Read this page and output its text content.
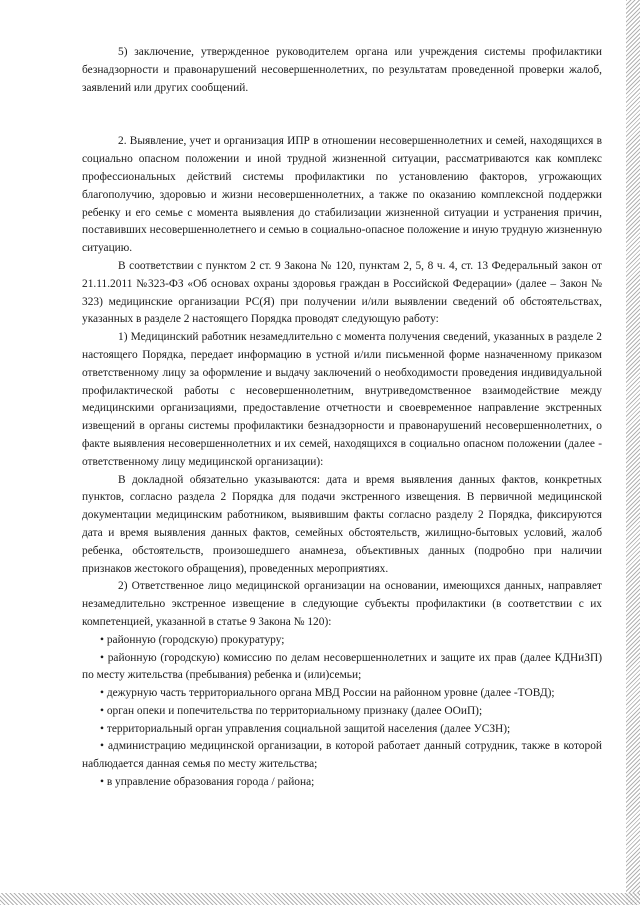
5) заключение, утвержденное руководителем органа или учреждения системы профилактики безнадзорности и правонарушений несовершеннолетних, по результатам проведенной проверки жалоб, заявлений или других сообщений.

2. Выявление, учет и организация ИПР в отношении несовершеннолетних и семей, находящихся в социально опасном положении и иной трудной жизненной ситуации, рассматриваются как комплекс профессиональных действий системы профилактики по установлению факторов, угрожающих благополучию, здоровью и жизни несовершеннолетних, а также по оказанию комплексной поддержки ребенку и его семье с момента выявления до стабилизации жизненной ситуации и устранения причин, поставивших несовершеннолетнего и семью в социально-опасное положение и иную трудную жизненную ситуацию.

В соответствии с пунктом 2 ст. 9 Закона № 120, пунктам 2, 5, 8 ч. 4, ст. 13 Федеральный закон от 21.11.2011 №323-ФЗ «Об основах охраны здоровья граждан в Российской Федерации» (далее – Закон № 323) медицинские организации РС(Я) при получении и/или выявлении сведений об обстоятельствах, указанных в разделе 2 настоящего Порядка проводят следующую работу:

1) Медицинский работник незамедлительно с момента получения сведений, указанных в разделе 2 настоящего Порядка, передает информацию в устной и/или письменной форме назначенному приказом ответственному лицу за оформление и выдачу заключений о необходимости проведения индивидуальной профилактической работы с несовершеннолетним, внутриведомственное взаимодействие между медицинскими организациями, предоставление отчетности и своевременное направление экстренных извещений в органы системы профилактики безнадзорности и правонарушений несовершеннолетних, о факте выявления несовершеннолетних и их семей, находящихся в социально опасном положении (далее - ответственному лицу медицинской организации):

В докладной обязательно указываются: дата и время выявления данных фактов, конкретных пунктов, согласно раздела 2 Порядка для подачи экстренного извещения. В первичной медицинской документации медицинским работником, выявившим факты согласно разделу 2 Порядка, фиксируются дата и время выявления данных фактов, семейных обстоятельств, жилищно-бытовых условий, жалоб ребенка, обстоятельств, произошедшего анамнеза, объективных данных (подробно при наличии признаков жестокого обращения), проведенных мероприятиях.

2) Ответственное лицо медицинской организации на основании, имеющихся данных, направляет незамедлительно экстренное извещение в следующие субъекты профилактики (в соответствии с их компетенцией, указанной в статье 9 Закона № 120):

• районную (городскую) прокуратуру;

• районную (городскую) комиссию по делам несовершеннолетних и защите их прав (далее КДНиЗП) по месту жительства (пребывания) ребенка и (или)семьи;

• дежурную часть территориального органа МВД России на районном уровне (далее -ТОВД);

• орган опеки и попечительства по территориальному признаку (далее ООиП);

• территориальный орган управления социальной защитой населения (далее УСЗН);

• администрацию медицинской организации, в которой работает данный сотрудник, также в которой наблюдается данная семья по месту жительства;

• в управление образования города / района;
